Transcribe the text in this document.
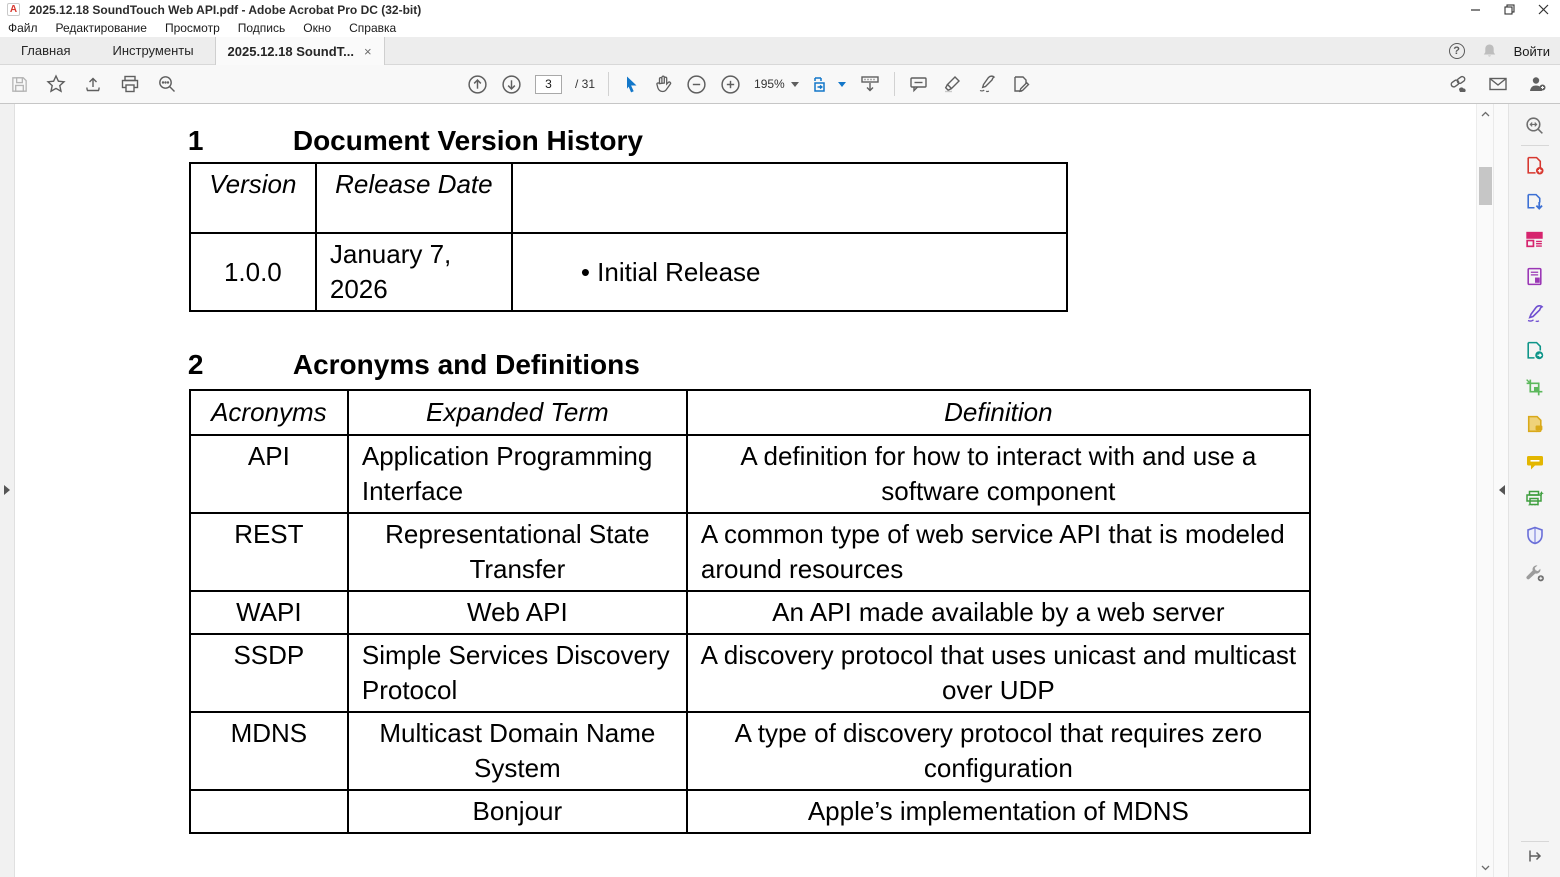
A 2025.12.18 SoundTouch Web API.pdf - Adobe Acrobat Pro DC (32-bit)
Файл	Редактирование	Просмотр	Подпись	Окно	Справка
Главная	Инструменты	2025.12.18 SoundT... ×	?	Войти
3
/ 31	195%
1	Document Version History
Version	Release Date	
1.0.0	January 7, 2026	• Initial Release
2	Acronyms and Definitions
Acronyms	Expanded Term	Definition
API	Application Programming Interface	A definition for how to interact with and use a software component
REST	Representational State Transfer	A common type of web service API that is modeled around resources
WAPI	Web API	An API made available by a web server
SSDP	Simple Services Discovery Protocol	A discovery protocol that uses unicast and multicast over UDP
MDNS	Multicast Domain Name System	A type of discovery protocol that requires zero configuration
	Bonjour	Apple’s implementation of MDNS
